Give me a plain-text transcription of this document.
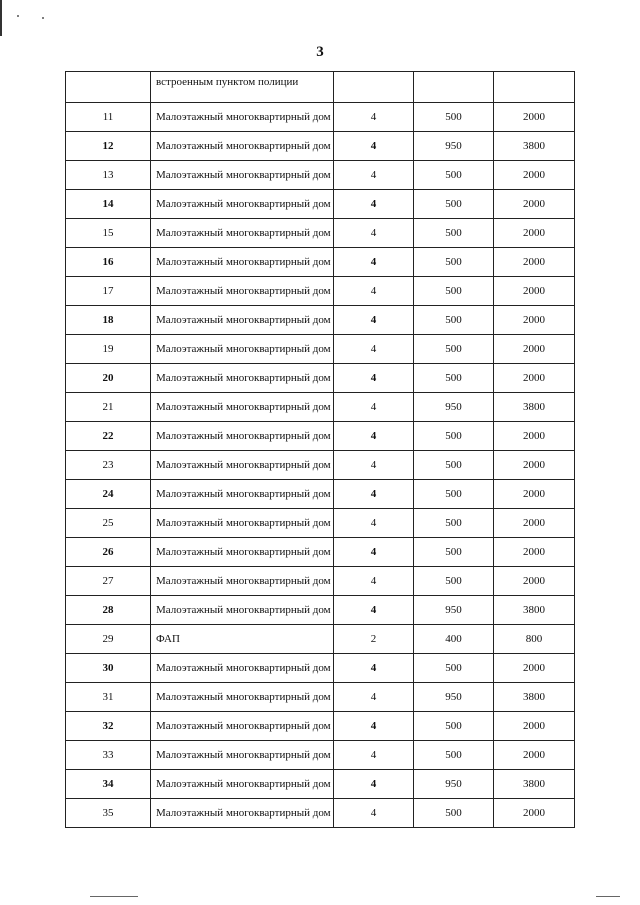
3
	встроенным пунктом полиции			
11	Малоэтажный многоквартирный дом	4	500	2000
12	Малоэтажный многоквартирный дом	4	950	3800
13	Малоэтажный многоквартирный дом	4	500	2000
14	Малоэтажный многоквартирный дом	4	500	2000
15	Малоэтажный многоквартирный дом	4	500	2000
16	Малоэтажный многоквартирный дом	4	500	2000
17	Малоэтажный многоквартирный дом	4	500	2000
18	Малоэтажный многоквартирный дом	4	500	2000
19	Малоэтажный многоквартирный дом	4	500	2000
20	Малоэтажный многоквартирный дом	4	500	2000
21	Малоэтажный многоквартирный дом	4	950	3800
22	Малоэтажный многоквартирный дом	4	500	2000
23	Малоэтажный многоквартирный дом	4	500	2000
24	Малоэтажный многоквартирный дом	4	500	2000
25	Малоэтажный многоквартирный дом	4	500	2000
26	Малоэтажный многоквартирный дом	4	500	2000
27	Малоэтажный многоквартирный дом	4	500	2000
28	Малоэтажный многоквартирный дом	4	950	3800
29	ФАП	2	400	800
30	Малоэтажный многоквартирный дом	4	500	2000
31	Малоэтажный многоквартирный дом	4	950	3800
32	Малоэтажный многоквартирный дом	4	500	2000
33	Малоэтажный многоквартирный дом	4	500	2000
34	Малоэтажный многоквартирный дом	4	950	3800
35	Малоэтажный многоквартирный дом	4	500	2000
